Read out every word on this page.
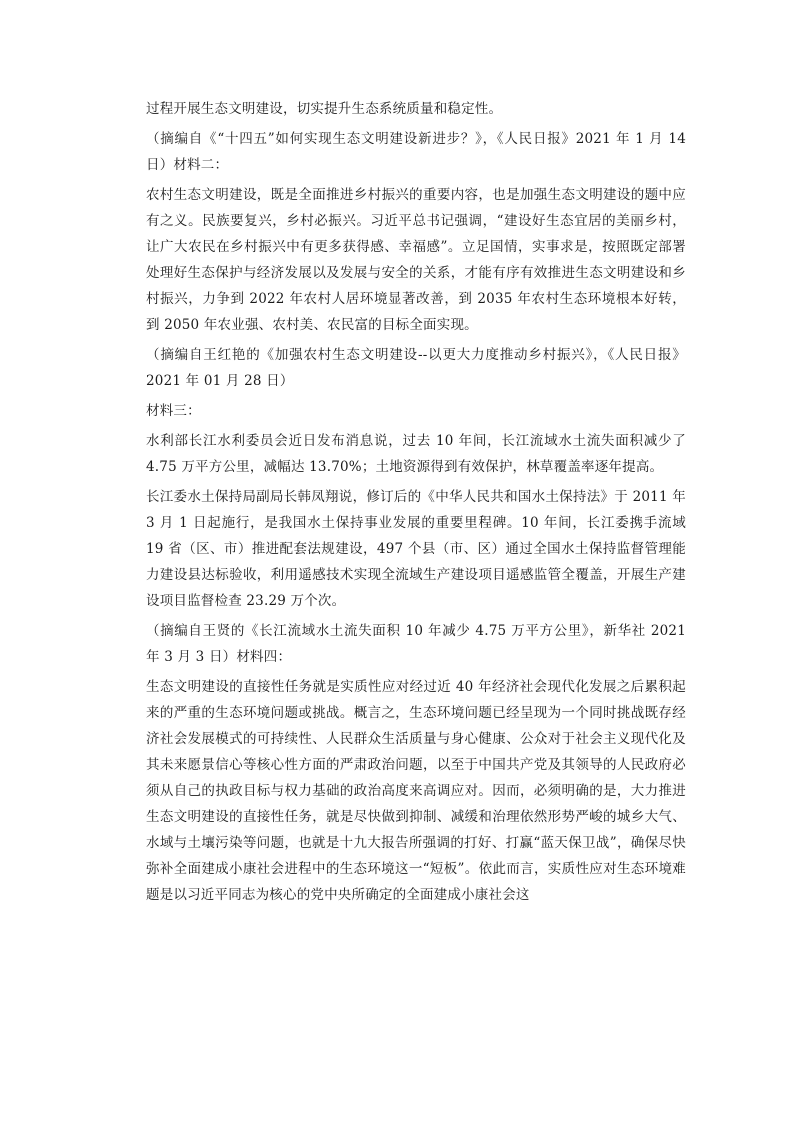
过程开展生态文明建设，切实提升生态系统质量和稳定性。

（摘编自《“十四五”如何实现生态文明建设新进步？》，《人民日报》2021 年 1 月 14 日）材料二：

农村生态文明建设，既是全面推进乡村振兴的重要内容，也是加强生态文明建设的题中应有之义。民族要复兴，乡村必振兴。习近平总书记强调，“建设好生态宜居的美丽乡村，让广大农民在乡村振兴中有更多获得感、幸福感”。立足国情，实事求是，按照既定部署处理好生态保护与经济发展以及发展与安全的关系，才能有序有效推进生态文明建设和乡村振兴，力争到 2022 年农村人居环境显著改善，到 2035 年农村生态环境根本好转，到 2050 年农业强、农村美、农民富的目标全面实现。

（摘编自王红艳的《加强农村生态文明建设--以更大力度推动乡村振兴》，《人民日报》2021 年 01 月 28 日）

材料三：

水利部长江水利委员会近日发布消息说，过去 10 年间，长江流域水土流失面积减少了 4.75 万平方公里，减幅达 13.70%；土地资源得到有效保护，林草覆盖率逐年提高。

长江委水土保持局副局长韩凤翔说，修订后的《中华人民共和国水土保持法》于 2011 年 3 月 1 日起施行，是我国水土保持事业发展的重要里程碑。10 年间，长江委携手流域 19 省（区、市）推进配套法规建设，497 个县（市、区）通过全国水土保持监督管理能力建设县达标验收，利用遥感技术实现全流域生产建设项目遥感监管全覆盖，开展生产建设项目监督检查 23.29 万个次。

（摘编自王贤的《长江流域水土流失面积 10 年减少 4.75 万平方公里》，新华社 2021 年 3 月 3 日）材料四：

生态文明建设的直接性任务就是实质性应对经过近 40 年经济社会现代化发展之后累积起来的严重的生态环境问题或挑战。概言之，生态环境问题已经呈现为一个同时挑战既存经济社会发展模式的可持续性、人民群众生活质量与身心健康、公众对于社会主义现代化及其未来愿景信心等核心性方面的严肃政治问题，以至于中国共产党及其领导的人民政府必须从自己的执政目标与权力基础的政治高度来高调应对。因而，必须明确的是，大力推进生态文明建设的直接性任务，就是尽快做到抑制、减缓和治理依然形势严峻的城乡大气、水域与土壤污染等问题，也就是十九大报告所强调的打好、打赢“蓝天保卫战”，确保尽快弥补全面建成小康社会进程中的生态环境这一“短板”。依此而言，实质性应对生态环境难题是以习近平同志为核心的党中央所确定的全面建成小康社会这
